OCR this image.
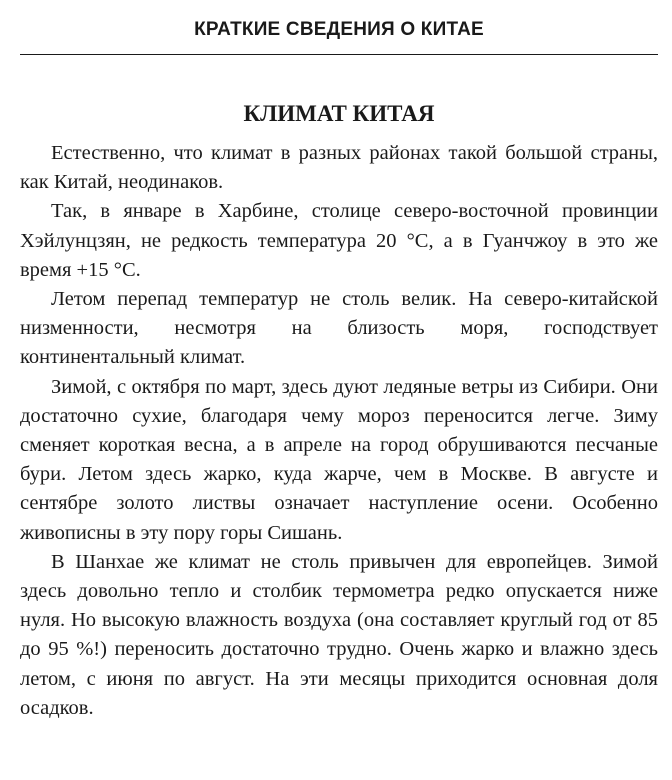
КРАТКИЕ СВЕДЕНИЯ О КИТАЕ
КЛИМАТ КИТАЯ

Естественно, что климат в разных районах такой большой страны, как Китай, неодинаков.

Так, в январе в Харбине, столице северо-восточной провинции Хэйлунцзян, не редкость температура 20 °C, а в Гуанчжоу в это же время +15 °C.

Летом перепад температур не столь велик. На северо-китайской низменности, несмотря на близость моря, господствует континентальный климат.

Зимой, с октября по март, здесь дуют ледяные ветры из Сибири. Они достаточно сухие, благодаря чему мороз переносится легче. Зиму сменяет короткая весна, а в апреле на город обрушиваются песчаные бури. Летом здесь жарко, куда жарче, чем в Москве. В августе и сентябре золото листвы означает наступление осени. Особенно живописны в эту пору горы Сишань.

В Шанхае же климат не столь привычен для европейцев. Зимой здесь довольно тепло и столбик термометра редко опускается ниже нуля. Но высокую влажность воздуха (она составляет круглый год от 85 до 95 %!) переносить достаточно трудно. Очень жарко и влажно здесь летом, с июня по август. На эти месяцы приходится основная доля осадков.
